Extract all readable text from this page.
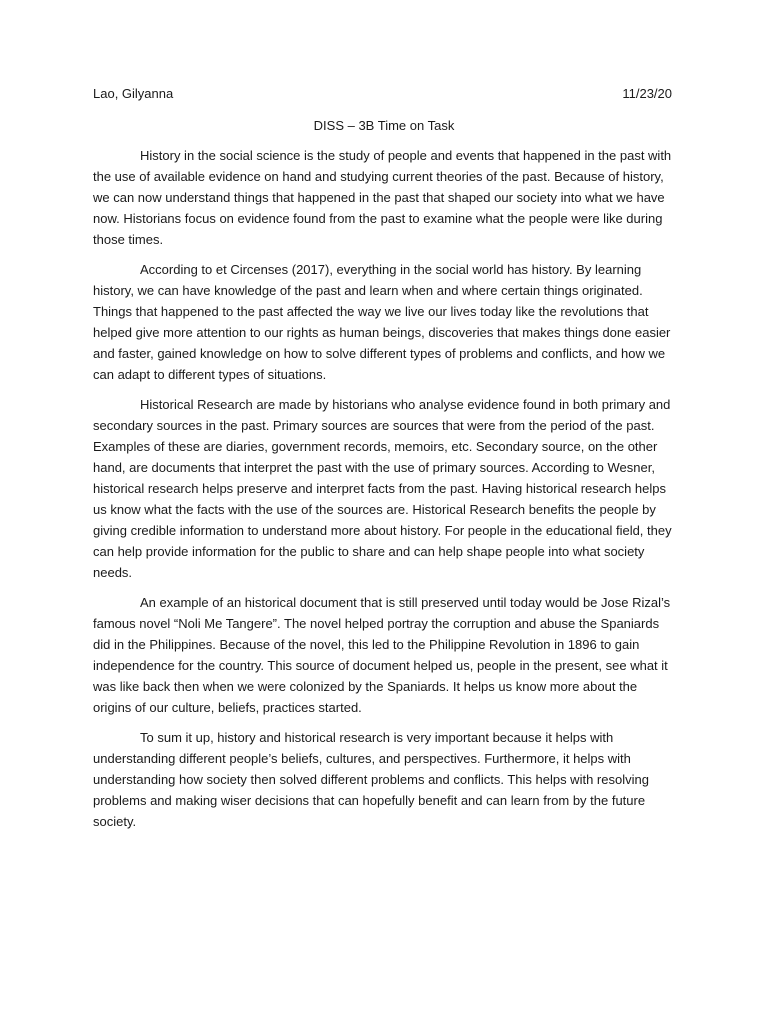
Lao, Gilyanna	11/23/20
DISS – 3B Time on Task

History in the social science is the study of people and events that happened in the past with the use of available evidence on hand and studying current theories of the past. Because of history, we can now understand things that happened in the past that shaped our society into what we have now. Historians focus on evidence found from the past to examine what the people were like during those times.

According to et Circenses (2017), everything in the social world has history. By learning history, we can have knowledge of the past and learn when and where certain things originated. Things that happened to the past affected the way we live our lives today like the revolutions that helped give more attention to our rights as human beings, discoveries that makes things done easier and faster, gained knowledge on how to solve different types of problems and conflicts, and how we can adapt to different types of situations.

Historical Research are made by historians who analyse evidence found in both primary and secondary sources in the past. Primary sources are sources that were from the period of the past. Examples of these are diaries, government records, memoirs, etc. Secondary source, on the other hand, are documents that interpret the past with the use of primary sources. According to Wesner, historical research helps preserve and interpret facts from the past. Having historical research helps us know what the facts with the use of the sources are. Historical Research benefits the people by giving credible information to understand more about history. For people in the educational field, they can help provide information for the public to share and can help shape people into what society needs.

An example of an historical document that is still preserved until today would be Jose Rizal’s famous novel “Noli Me Tangere”. The novel helped portray the corruption and abuse the Spaniards did in the Philippines. Because of the novel, this led to the Philippine Revolution in 1896 to gain independence for the country. This source of document helped us, people in the present, see what it was like back then when we were colonized by the Spaniards. It helps us know more about the origins of our culture, beliefs, practices started.

To sum it up, history and historical research is very important because it helps with understanding different people’s beliefs, cultures, and perspectives. Furthermore, it helps with understanding how society then solved different problems and conflicts. This helps with resolving problems and making wiser decisions that can hopefully benefit and can learn from by the future society.
